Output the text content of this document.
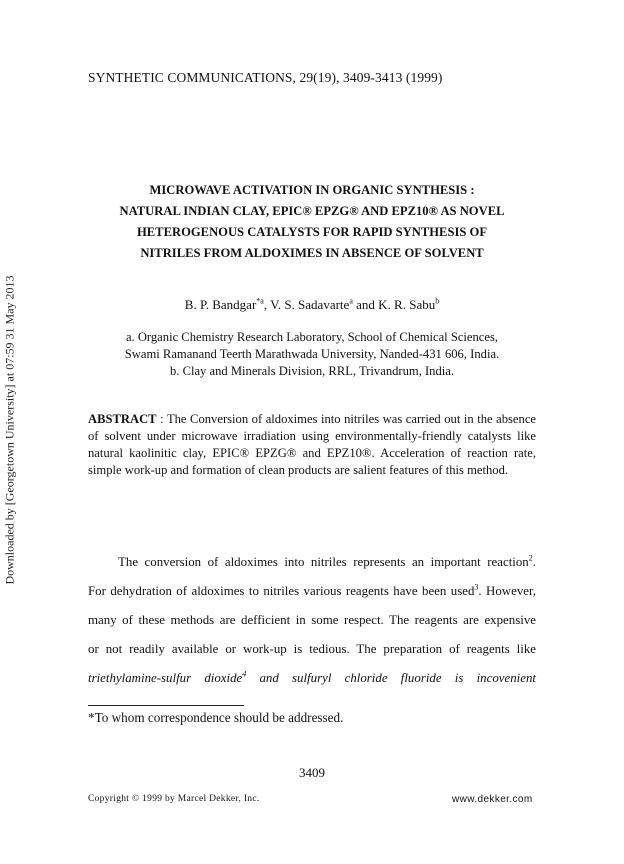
Downloaded by [Georgetown University] at 07:59 31 May 2013
SYNTHETIC COMMUNICATIONS, 29(19), 3409-3413 (1999)
MICROWAVE ACTIVATION IN ORGANIC SYNTHESIS :
NATURAL INDIAN CLAY, EPIC® EPZG® AND EPZ10® AS NOVEL
HETEROGENOUS CATALYSTS FOR RAPID SYNTHESIS OF
NITRILES FROM ALDOXIMES IN ABSENCE OF SOLVENT
B. P. Bandgar$^{*a}$, V. S. Sadavarte$^a$ and K. R. Sabu$^b$
a. Organic Chemistry Research Laboratory, School of Chemical Sciences,
Swami Ramanand Teerth Marathwada University, Nanded-431 606, India.
b. Clay and Minerals Division, RRL, Trivandrum, India.
ABSTRACT : The Conversion of aldoximes into nitriles was carried out in the absence of solvent under microwave irradiation using environmentally-friendly catalysts like natural kaolinitic clay, EPIC® EPZG® and EPZ10®. Acceleration of reaction rate, simple work-up and formation of clean products are salient features of this method.
The conversion of aldoximes into nitriles represents an important reaction$^2$.
For dehydration of aldoximes to nitriles various reagents have been used$^3$. However,
many of these methods are defficient in some respect. The reagents are expensive
or not readily available or work-up is tedious. The preparation of reagents like
triethylamine-sulfur dioxide$^4$ and sulfuryl chloride fluoride is incovenient
*To whom correspondence should be addressed.
3409
Copyright © 1999 by Marcel Dekker, Inc.	www.dekker.com
